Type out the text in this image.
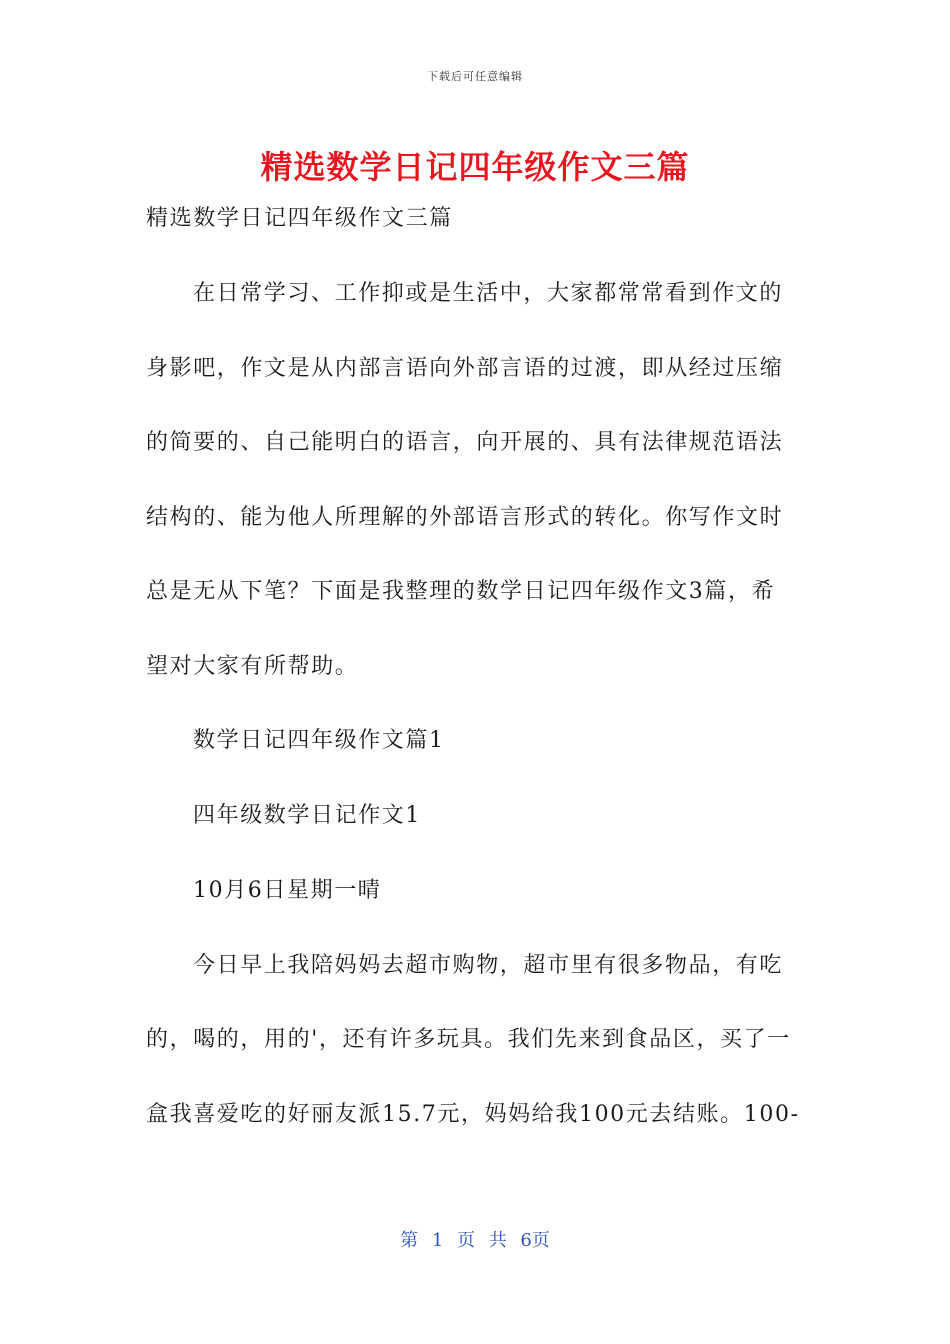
下载后可任意编辑
精选数学日记四年级作文三篇

精选数学日记四年级作文三篇

在日常学习、工作抑或是生活中，大家都常常看到作文的

身影吧，作文是从内部言语向外部言语的过渡，即从经过压缩

的简要的、自己能明白的语言，向开展的、具有法律规范语法

结构的、能为他人所理解的外部语言形式的转化。你写作文时

总是无从下笔？下面是我整理的数学日记四年级作文3篇，希

望对大家有所帮助。

数学日记四年级作文篇1

四年级数学日记作文1

10月6日星期一晴

今日早上我陪妈妈去超市购物，超市里有很多物品，有吃

的，喝的，用的'，还有许多玩具。我们先来到食品区，买了一

盒我喜爱吃的好丽友派15.7元，妈妈给我100元去结账。100-

第 1 页 共 6页
